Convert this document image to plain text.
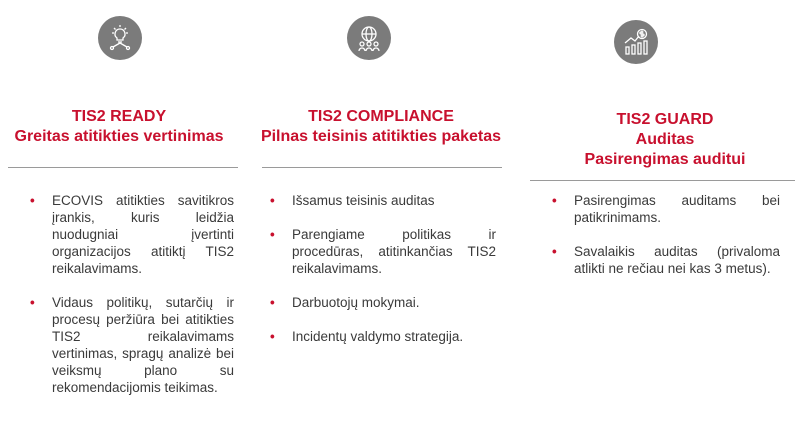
TIS2 READY
Greitas atitikties vertinimas
• ECOVIS atitikties savitikros įrankis, kuris leidžia nuodugniai įvertinti organizacijos atitiktį TIS2 reikalavimams.
• Vidaus politikų, sutarčių ir procesų peržiūra bei atitikties TIS2 reikalavimams vertinimas, spragų analizė bei veiksmų plano su rekomendacijomis teikimas.
TIS2 COMPLIANCE
Pilnas teisinis atitikties paketas
• Išsamus teisinis auditas
• Parengiame politikas ir procedūras, atitinkančias TIS2 reikalavimams.
• Darbuotojų mokymai.
• Incidentų valdymo strategija.
TIS2 GUARD
Auditas
Pasirengimas auditui
• Pasirengimas auditams bei patikrinimams.
• Savalaikis auditas (privaloma atlikti ne rečiau nei kas 3 metus).
